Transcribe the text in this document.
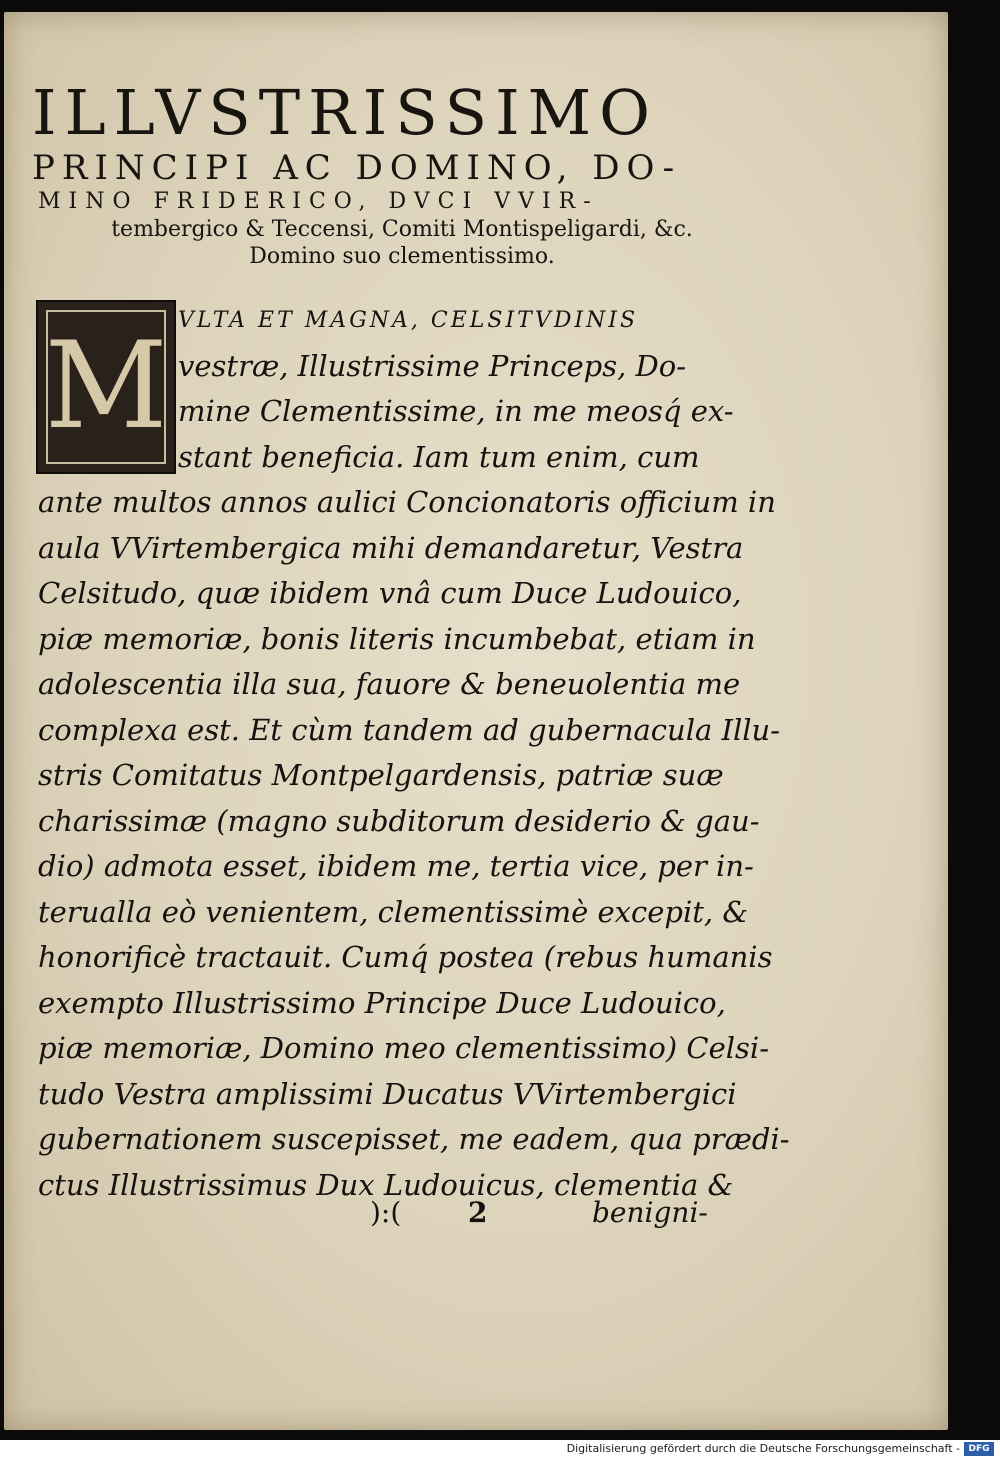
ILLVSTRISSIMO

PRINCIPI AC DOMINO, DO-

MINO FRIDERICO, DVCI VVIR-

tembergico & Teccensi, Comiti Montispeligardi, &c.

Domino suo clementissimo.

M VLTA ET MAGNA, CELSITVDINIS
vestræ, Illustrissime Princeps, Do-
mine Clementissime, in me meosq́ ex-
stant beneficia. Iam tum enim, cum
ante multos annos aulici Concionatoris officium in
aula VVirtembergica mihi demandaretur, Vestra
Celsitudo, quæ ibidem vnâ cum Duce Ludouico,
piæ memoriæ, bonis literis incumbebat, etiam in
adolescentia illa sua, fauore & beneuolentia me
complexa est. Et cùm tandem ad gubernacula Illu-
stris Comitatus Montpelgardensis, patriæ suæ
charissimæ (magno subditorum desiderio & gau-
dio) admota esset, ibidem me, tertia vice, per in-
terualla eò venientem, clementissimè excepit, &
honorificè tractauit. Cumq́ postea (rebus humanis
exempto Illustrissimo Principe Duce Ludouico,
piæ memoriæ, Domino meo clementissimo) Celsi-
tudo Vestra amplissimi Ducatus VVirtembergici
gubernationem suscepisset, me eadem, qua prædi-
ctus Illustrissimus Dux Ludouicus, clementia &
):( 2	benigni-
Digitalisierung gefördert durch die Deutsche Forschungsgemeinschaft - DFG
